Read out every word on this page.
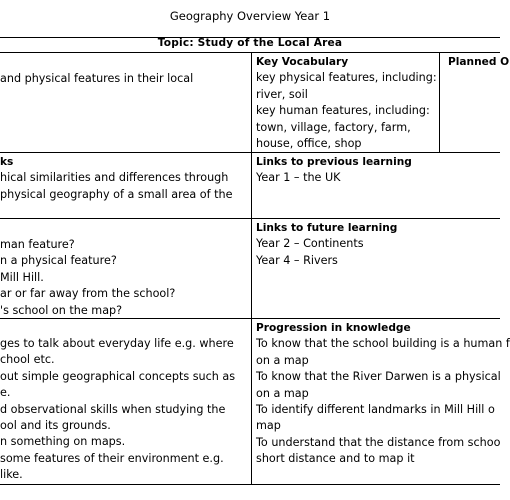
Geography Overview Year 1
Topic: Study of the Local Area
and physical features in their local
Key Vocabulary
key physical features, including:
river, soil
key human features, including:
town, village, factory, farm,
house, office, shop
Planned O
ks
hical similarities and differences through
physical geography of a small area of the
Links to previous learning
Year 1 – the UK
man feature?
n a physical feature?
Mill Hill.
ar or far away from the school?
's school on the map?
Links to future learning
Year 2 – Continents
Year 4 – Rivers
ges to talk about everyday life e.g. where
chool etc.
out simple geographical concepts such as
e.
d observational skills when studying the
ool and its grounds.
n something on maps.
some features of their environment e.g.
like.
Progression in knowledge
To know that the school building is a human f
on a map
To know that the River Darwen is a physical
on a map
To identify different landmarks in Mill Hill o
map
To understand that the distance from schoo
short distance and to map it
